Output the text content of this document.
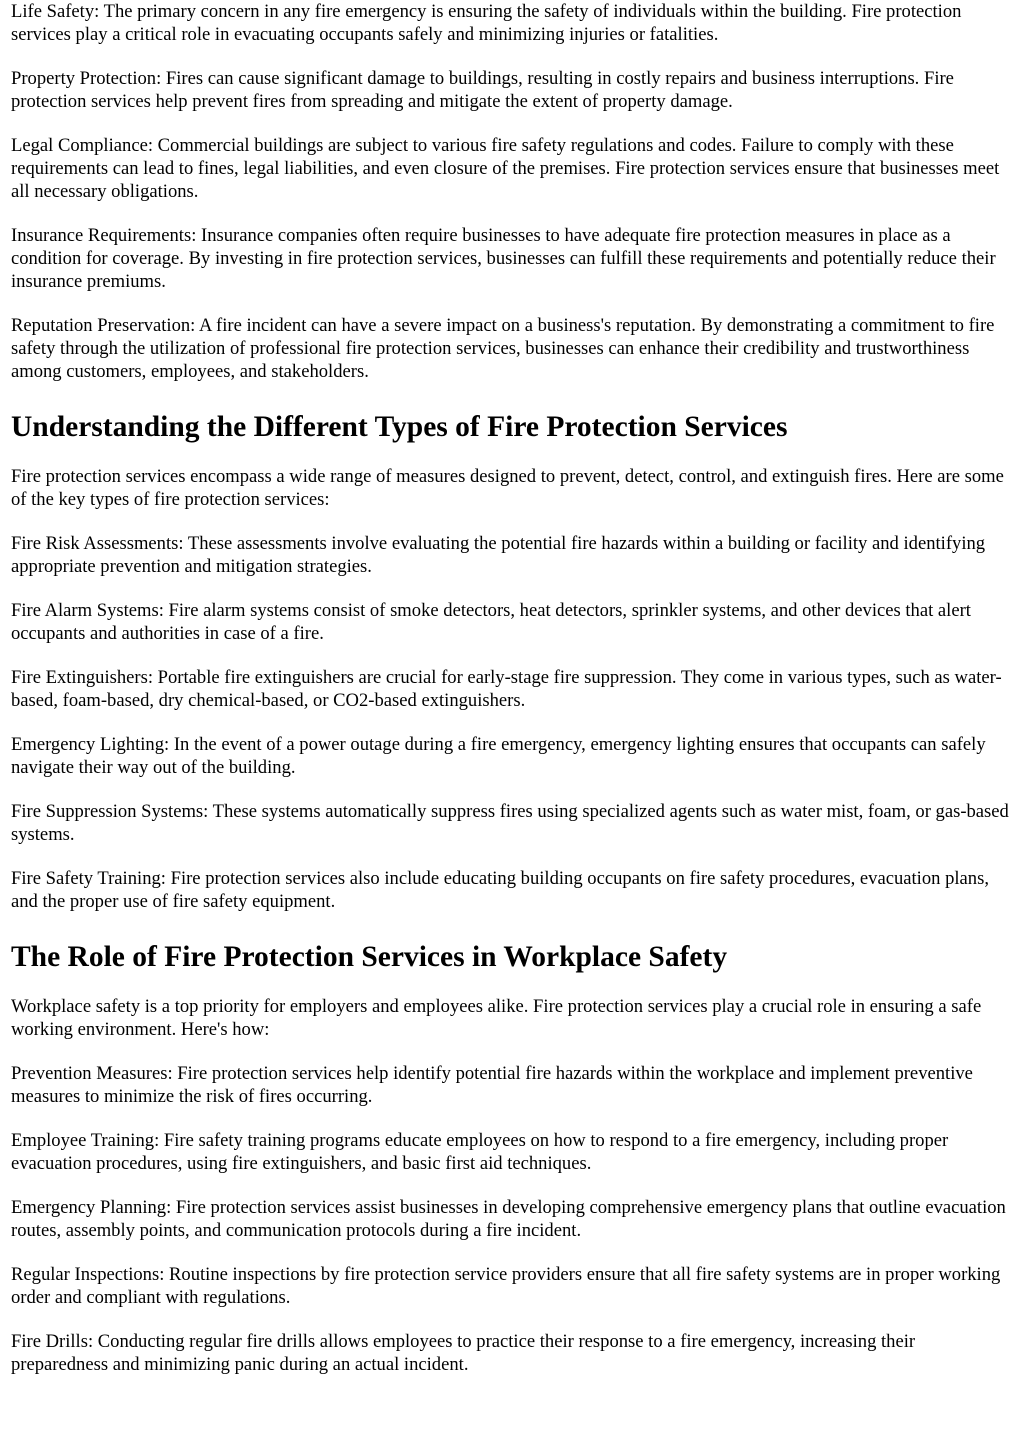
Life Safety: The primary concern in any fire emergency is ensuring the safety of individuals within the building. Fire protection services play a critical role in evacuating occupants safely and minimizing injuries or fatalities.

Property Protection: Fires can cause significant damage to buildings, resulting in costly repairs and business interruptions. Fire protection services help prevent fires from spreading and mitigate the extent of property damage.

Legal Compliance: Commercial buildings are subject to various fire safety regulations and codes. Failure to comply with these requirements can lead to fines, legal liabilities, and even closure of the premises. Fire protection services ensure that businesses meet all necessary obligations.

Insurance Requirements: Insurance companies often require businesses to have adequate fire protection measures in place as a condition for coverage. By investing in fire protection services, businesses can fulfill these requirements and potentially reduce their insurance premiums.

Reputation Preservation: A fire incident can have a severe impact on a business's reputation. By demonstrating a commitment to fire safety through the utilization of professional fire protection services, businesses can enhance their credibility and trustworthiness among customers, employees, and stakeholders.

Understanding the Different Types of Fire Protection Services

Fire protection services encompass a wide range of measures designed to prevent, detect, control, and extinguish fires. Here are some of the key types of fire protection services:

Fire Risk Assessments: These assessments involve evaluating the potential fire hazards within a building or facility and identifying appropriate prevention and mitigation strategies.

Fire Alarm Systems: Fire alarm systems consist of smoke detectors, heat detectors, sprinkler systems, and other devices that alert occupants and authorities in case of a fire.

Fire Extinguishers: Portable fire extinguishers are crucial for early-stage fire suppression. They come in various types, such as water-based, foam-based, dry chemical-based, or CO2-based extinguishers.

Emergency Lighting: In the event of a power outage during a fire emergency, emergency lighting ensures that occupants can safely navigate their way out of the building.

Fire Suppression Systems: These systems automatically suppress fires using specialized agents such as water mist, foam, or gas-based systems.

Fire Safety Training: Fire protection services also include educating building occupants on fire safety procedures, evacuation plans, and the proper use of fire safety equipment.

The Role of Fire Protection Services in Workplace Safety

Workplace safety is a top priority for employers and employees alike. Fire protection services play a crucial role in ensuring a safe working environment. Here's how:

Prevention Measures: Fire protection services help identify potential fire hazards within the workplace and implement preventive measures to minimize the risk of fires occurring.

Employee Training: Fire safety training programs educate employees on how to respond to a fire emergency, including proper evacuation procedures, using fire extinguishers, and basic first aid techniques.

Emergency Planning: Fire protection services assist businesses in developing comprehensive emergency plans that outline evacuation routes, assembly points, and communication protocols during a fire incident.

Regular Inspections: Routine inspections by fire protection service providers ensure that all fire safety systems are in proper working order and compliant with regulations.

Fire Drills: Conducting regular fire drills allows employees to practice their response to a fire emergency, increasing their preparedness and minimizing panic during an actual incident.
